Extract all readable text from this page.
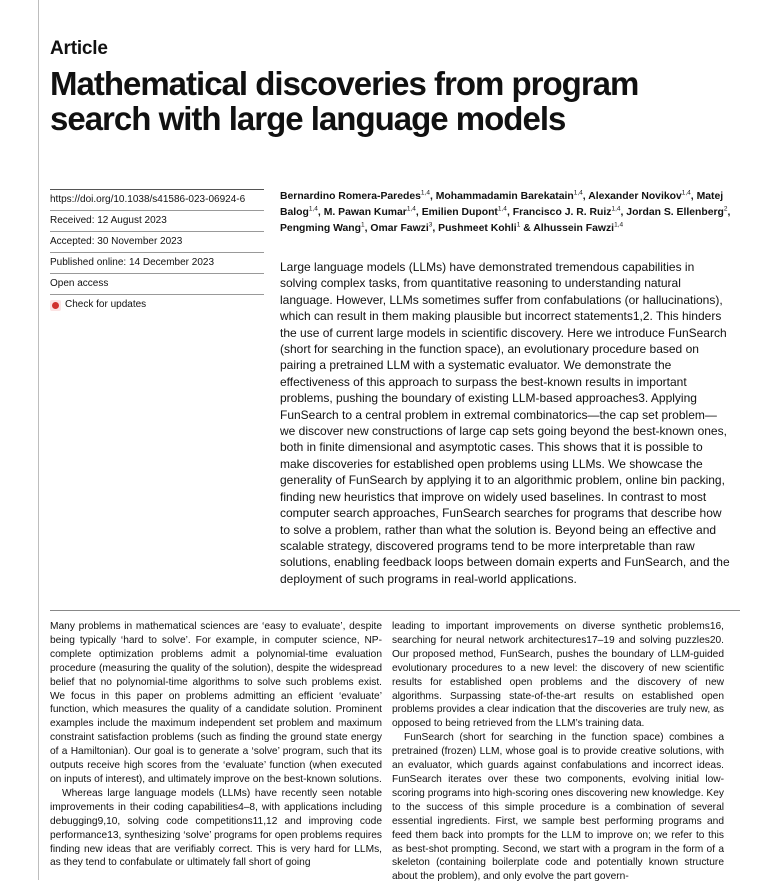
Article
Mathematical discoveries from program search with large language models
https://doi.org/10.1038/s41586-023-06924-6
Received: 12 August 2023
Accepted: 30 November 2023
Published online: 14 December 2023
Open access
Check for updates
Bernardino Romera-Paredes$^{1,4}$, Mohammadamin Barekatain$^{1,4}$, Alexander Novikov$^{1,4}$, Matej Balog$^{1,4}$, M. Pawan Kumar$^{1,4}$, Emilien Dupont$^{1,4}$, Francisco J. R. Ruiz$^{1,4}$, Jordan S. Ellenberg$^2$, Pengming Wang$^1$, Omar Fawzi$^3$, Pushmeet Kohli$^1$ & Alhussein Fawzi$^{1,4}$
Large language models (LLMs) have demonstrated tremendous capabilities in solving complex tasks, from quantitative reasoning to understanding natural language. However, LLMs sometimes suffer from confabulations (or hallucinations), which can result in them making plausible but incorrect statements1,2. This hinders the use of current large models in scientific discovery. Here we introduce FunSearch (short for searching in the function space), an evolutionary procedure based on pairing a pretrained LLM with a systematic evaluator. We demonstrate the effectiveness of this approach to surpass the best-known results in important problems, pushing the boundary of existing LLM-based approaches3. Applying FunSearch to a central problem in extremal combinatorics—the cap set problem—we discover new constructions of large cap sets going beyond the best-known ones, both in finite dimensional and asymptotic cases. This shows that it is possible to make discoveries for established open problems using LLMs. We showcase the generality of FunSearch by applying it to an algorithmic problem, online bin packing, finding new heuristics that improve on widely used baselines. In contrast to most computer search approaches, FunSearch searches for programs that describe how to solve a problem, rather than what the solution is. Beyond being an effective and scalable strategy, discovered programs tend to be more interpretable than raw solutions, enabling feedback loops between domain experts and FunSearch, and the deployment of such programs in real-world applications.

Many problems in mathematical sciences are ‘easy to evaluate’, despite being typically ‘hard to solve’. For example, in computer science, NP-complete optimization problems admit a polynomial-time evaluation procedure (measuring the quality of the solution), despite the widespread belief that no polynomial-time algorithms to solve such problems exist. We focus in this paper on problems admitting an efficient ‘evaluate’ function, which measures the quality of a candidate solution. Prominent examples include the maximum independent set problem and maximum constraint satisfaction problems (such as finding the ground state energy of a Hamiltonian). Our goal is to generate a ‘solve’ program, such that its outputs receive high scores from the ‘evaluate’ function (when executed on inputs of interest), and ultimately improve on the best-known solutions.

Whereas large language models (LLMs) have recently seen notable improvements in their coding capabilities4–8, with applications including debugging9,10, solving code competitions11,12 and improving code performance13, synthesizing ‘solve’ programs for open problems requires finding new ideas that are verifiably correct. This is very hard for LLMs, as they tend to confabulate or ultimately fall short of going

leading to important improvements on diverse synthetic problems16, searching for neural network architectures17–19 and solving puzzles20. Our proposed method, FunSearch, pushes the boundary of LLM-guided evolutionary procedures to a new level: the discovery of new scientific results for established open problems and the discovery of new algorithms. Surpassing state-of-the-art results on established open problems provides a clear indication that the discoveries are truly new, as opposed to being retrieved from the LLM’s training data.

FunSearch (short for searching in the function space) combines a pretrained (frozen) LLM, whose goal is to provide creative solutions, with an evaluator, which guards against confabulations and incorrect ideas. FunSearch iterates over these two components, evolving initial low-scoring programs into high-scoring ones discovering new knowledge. Key to the success of this simple procedure is a combination of several essential ingredients. First, we sample best performing programs and feed them back into prompts for the LLM to improve on; we refer to this as best-shot prompting. Second, we start with a program in the form of a skeleton (containing boilerplate code and potentially known structure about the problem), and only evolve the part govern-
